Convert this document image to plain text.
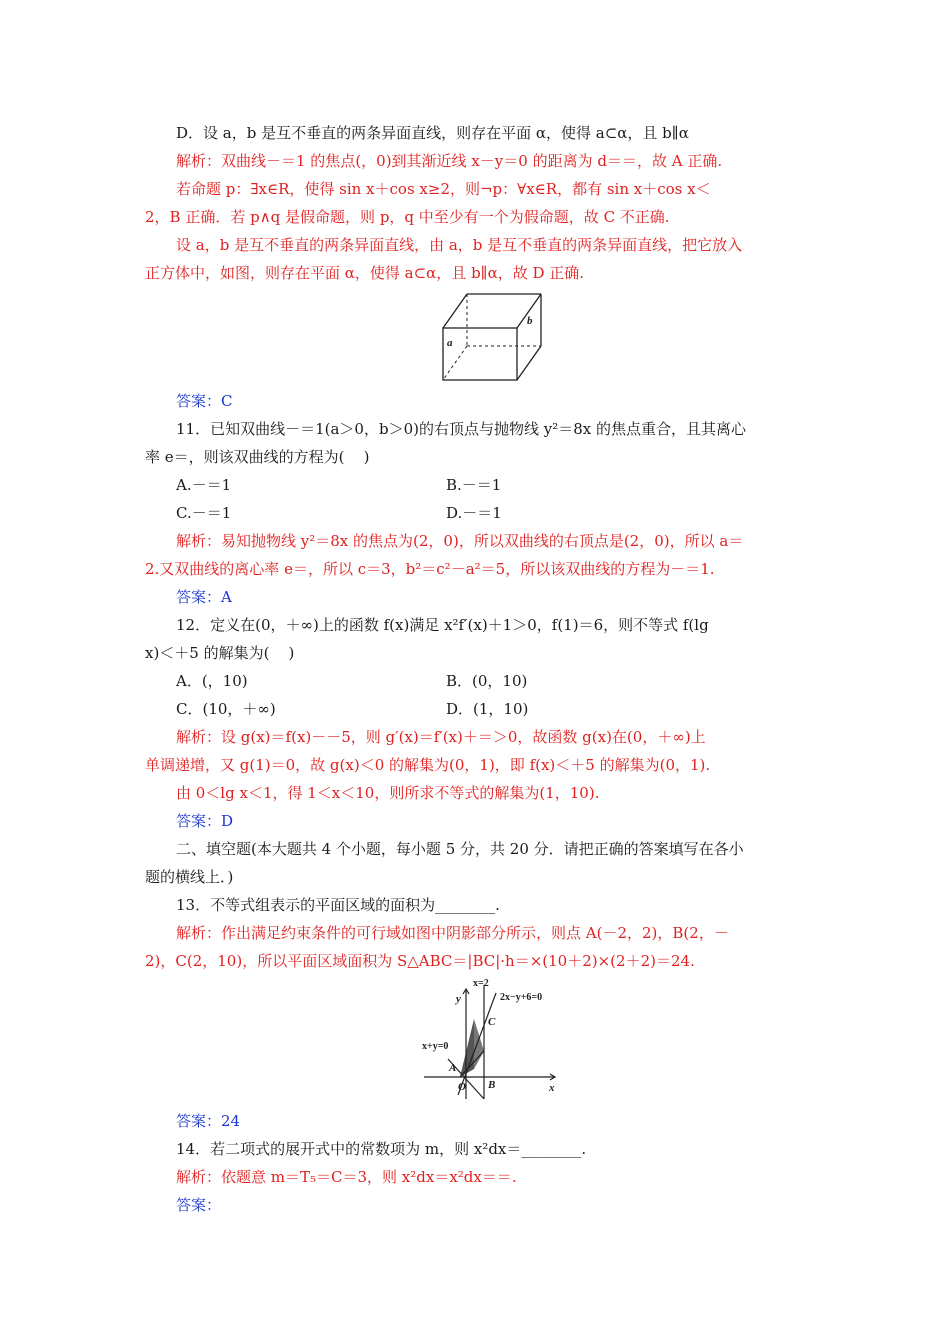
D．设 a，b 是互不垂直的两条异面直线，则存在平面 α，使得 a⊂α，且 b∥α
解析：双曲线－＝1 的焦点(，0)到其渐近线 x－y＝0 的距离为 d＝＝，故 A 正确.
若命题 p：∃x∈R，使得 sin x＋cos x≥2，则¬p：∀x∈R，都有 sin x＋cos x＜
2，B 正确．若 p∧q 是假命题，则 p，q 中至少有一个为假命题，故 C 不正确.
设 a，b 是互不垂直的两条异面直线，由 a，b 是互不垂直的两条异面直线，把它放入
正方体中，如图，则存在平面 α，使得 a⊂α，且 b∥α，故 D 正确.
答案：C
11．已知双曲线－＝1(a＞0，b＞0)的右顶点与抛物线 y²＝8x 的焦点重合，且其离心
率 e＝，则该双曲线的方程为(    )
A.－＝1	B.－＝1
C.－＝1	D.－＝1
解析：易知抛物线 y²＝8x 的焦点为(2，0)，所以双曲线的右顶点是(2，0)，所以 a＝
2.又双曲线的离心率 e＝，所以 c＝3，b²＝c²－a²＝5，所以该双曲线的方程为－＝1.
答案：A
12．定义在(0，＋∞)上的函数 f(x)满足 x²f′(x)＋1＞0，f(1)＝6，则不等式 f(lg
x)＜＋5 的解集为(    )
A．(，10)	B．(0，10)
C．(10，＋∞)	D．(1，10)
解析：设 g(x)＝f(x)－－5，则 g′(x)＝f′(x)＋＝＞0，故函数 g(x)在(0，＋∞)上
单调递增，又 g(1)＝0，故 g(x)＜0 的解集为(0，1)，即 f(x)＜＋5 的解集为(0，1).
由 0＜lg x＜1，得 1＜x＜10，则所求不等式的解集为(1，10).
答案：D
二、填空题(本大题共 4 个小题，每小题 5 分，共 20 分．请把正确的答案填写在各小
题的横线上．)
13．不等式组表示的平面区域的面积为________.
解析：作出满足约束条件的可行域如图中阴影部分所示，则点 A(－2，2)，B(2，－
2)，C(2，10)，所以平面区域面积为 S△ABC＝|BC|·h＝×(10＋2)×(2＋2)＝24.
答案：24
14．若二项式的展开式中的常数项为 m，则 x²dx＝________.
解析：依题意 m＝T₅＝C＝3，则 x²dx＝x²dx＝＝.
答案：
a
b
x=2
2x−y+6=0
y
C
x+y=0
A
O B	x
